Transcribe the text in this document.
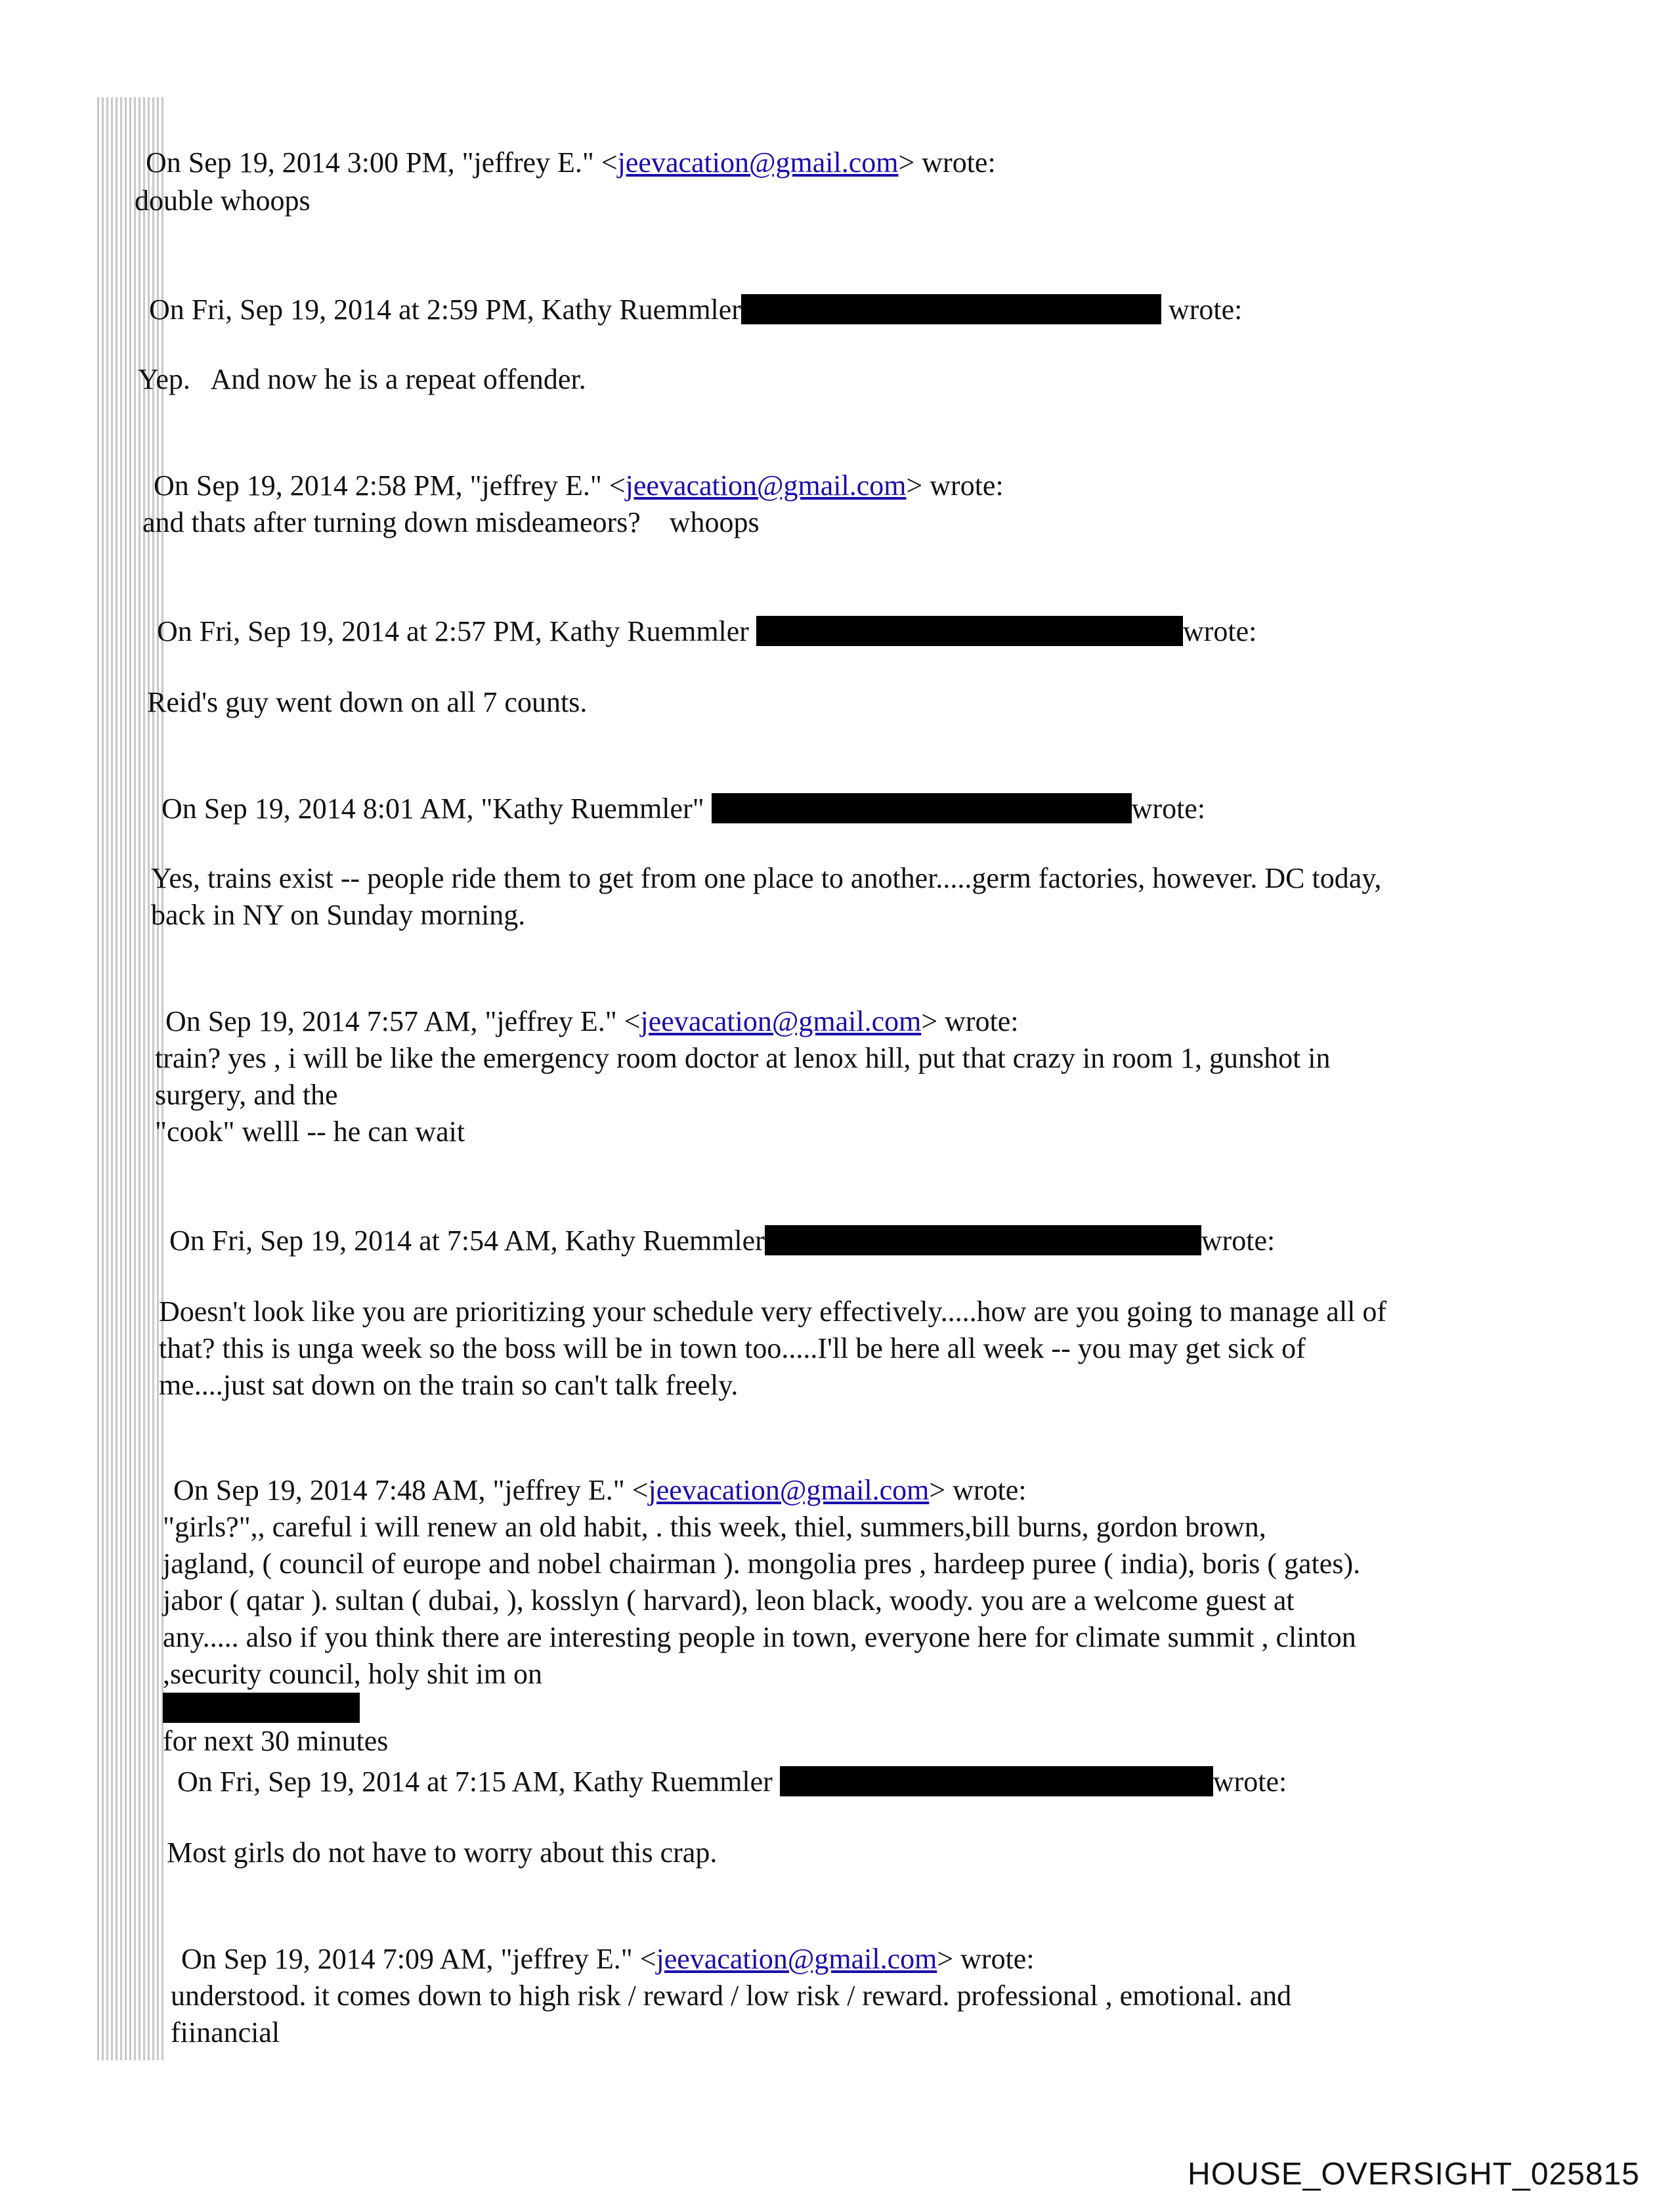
On Sep 19, 2014 3:00 PM, "jeffrey E." <jeevacation@gmail.com> wrote:

double whoops

On Fri, Sep 19, 2014 at 2:59 PM, Kathy Ruemmler	wrote:

Yep.   And now he is a repeat offender.

On Sep 19, 2014 2:58 PM, "jeffrey E." <jeevacation@gmail.com> wrote:

and thats after turning down misdeameors?    whoops

On Fri, Sep 19, 2014 at 2:57 PM, Kathy Ruemmler	wrote:

Reid's guy went down on all 7 counts.

On Sep 19, 2014 8:01 AM, "Kathy Ruemmler"	wrote:

Yes, trains exist -- people ride them to get from one place to another.....germ factories, however. DC today,
back in NY on Sunday morning.

On Sep 19, 2014 7:57 AM, "jeffrey E." <jeevacation@gmail.com> wrote:

train? yes , i will be like the emergency room doctor at lenox hill, put that crazy in room 1, gunshot in
surgery, and the
"cook" welll -- he can wait

On Fri, Sep 19, 2014 at 7:54 AM, Kathy Ruemmler	wrote:

Doesn't look like you are prioritizing your schedule very effectively.....how are you going to manage all of
that? this is unga week so the boss will be in town too.....I'll be here all week -- you may get sick of
me....just sat down on the train so can't talk freely.

On Sep 19, 2014 7:48 AM, "jeffrey E." <jeevacation@gmail.com> wrote:

"girls?",, careful i will renew an old habit, . this week, thiel, summers,bill burns, gordon brown,
jagland, ( council of europe and nobel chairman ). mongolia pres , hardeep puree ( india), boris ( gates).
jabor ( qatar ). sultan ( dubai, ), kosslyn ( harvard), leon black, woody. you are a welcome guest at
any..... also if you think there are interesting people in town, everyone here for climate summit , clinton
,security council, holy shit im on
for next 30 minutes

On Fri, Sep 19, 2014 at 7:15 AM, Kathy Ruemmler	wrote:

Most girls do not have to worry about this crap.

On Sep 19, 2014 7:09 AM, "jeffrey E." <jeevacation@gmail.com> wrote:

understood. it comes down to high risk / reward / low risk / reward. professional , emotional. and
fiinancial
HOUSE_OVERSIGHT_025815
